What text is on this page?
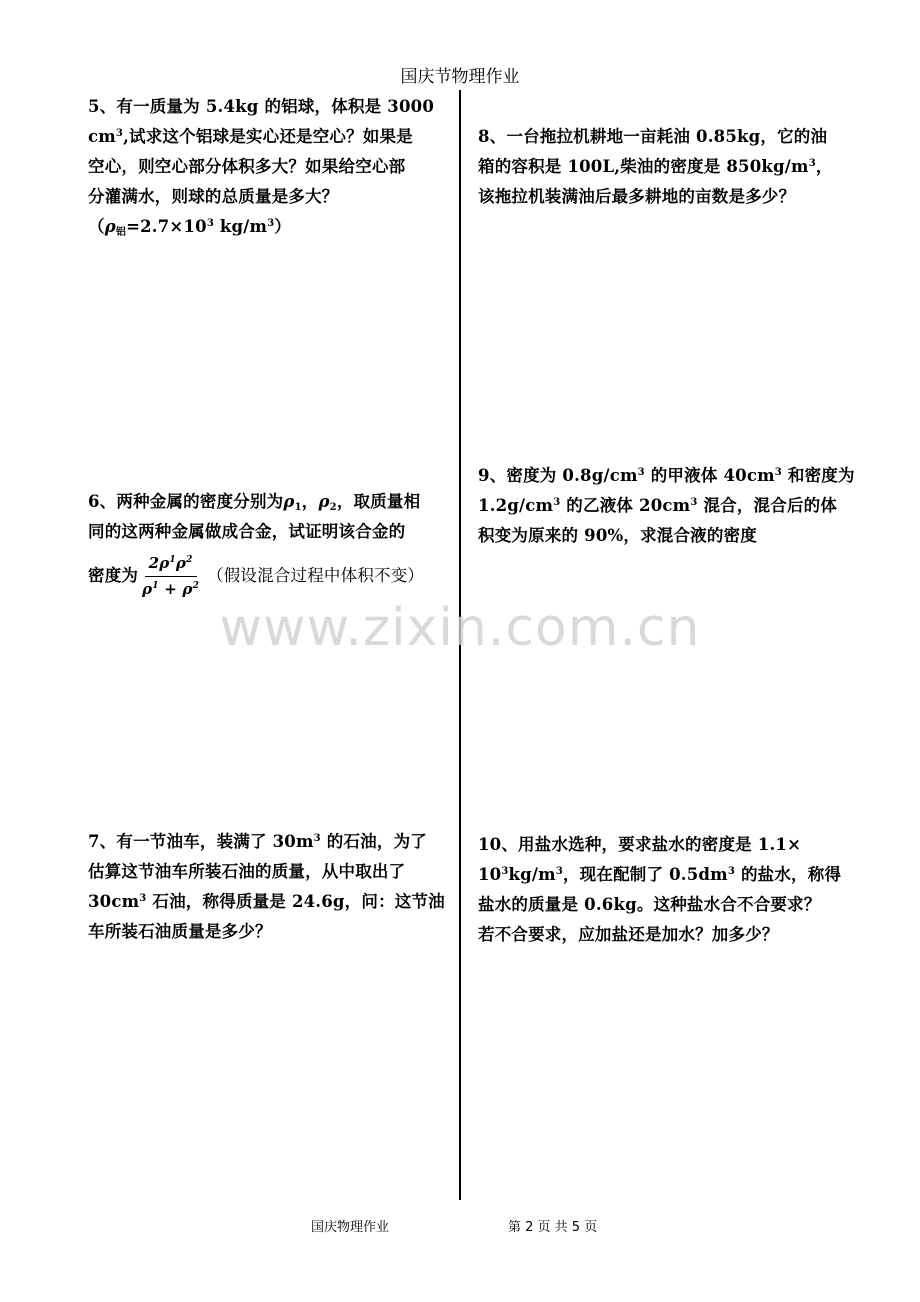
国庆节物理作业

5、有一质量为 5.4kg 的铝球，体积是 3000

$cm^3$,试求这个铝球是实心还是空心？如果是

空心，则空心部分体积多大？如果给空心部

分灌满水，则球的总质量是多大？

（$\rho_铝=2.7\times 10^3$ $kg/m^3$）

6、两种金属的密度分别为$\rho_1$，$\rho_2$，取质量相

同的这两种金属做成合金，试证明该合金的

密度为 $\frac{2\rho^1\rho^2}{\rho^1 + \rho^2}$ （假设混合过程中体积不变）

7、有一节油车，装满了 $30m^3$ 的石油，为了

估算这节油车所装石油的质量，从中取出了

$30cm^3$ 石油，称得质量是 24.6g，问：这节油

车所装石油质量是多少？

8、一台拖拉机耕地一亩耗油 0.85kg，它的油

箱的容积是 100L,柴油的密度是 $850kg/m^3$，

该拖拉机装满油后最多耕地的亩数是多少？

9、密度为 $0.8g/cm^3$ 的甲液体 $40cm^3$ 和密度为

$1.2g/cm^3$ 的乙液体 $20cm^3$ 混合，混合后的体

积变为原来的 90%，求混合液的密度

10、用盐水选种，要求盐水的密度是 1.1×

$10^3kg/m^3$，现在配制了 $0.5dm^3$ 的盐水，称得

盐水的质量是 0.6kg。这种盐水合不合要求？

若不合要求，应加盐还是加水？加多少？

www.zixin.com.cn
国庆物理作业	第 2 页 共 5 页
